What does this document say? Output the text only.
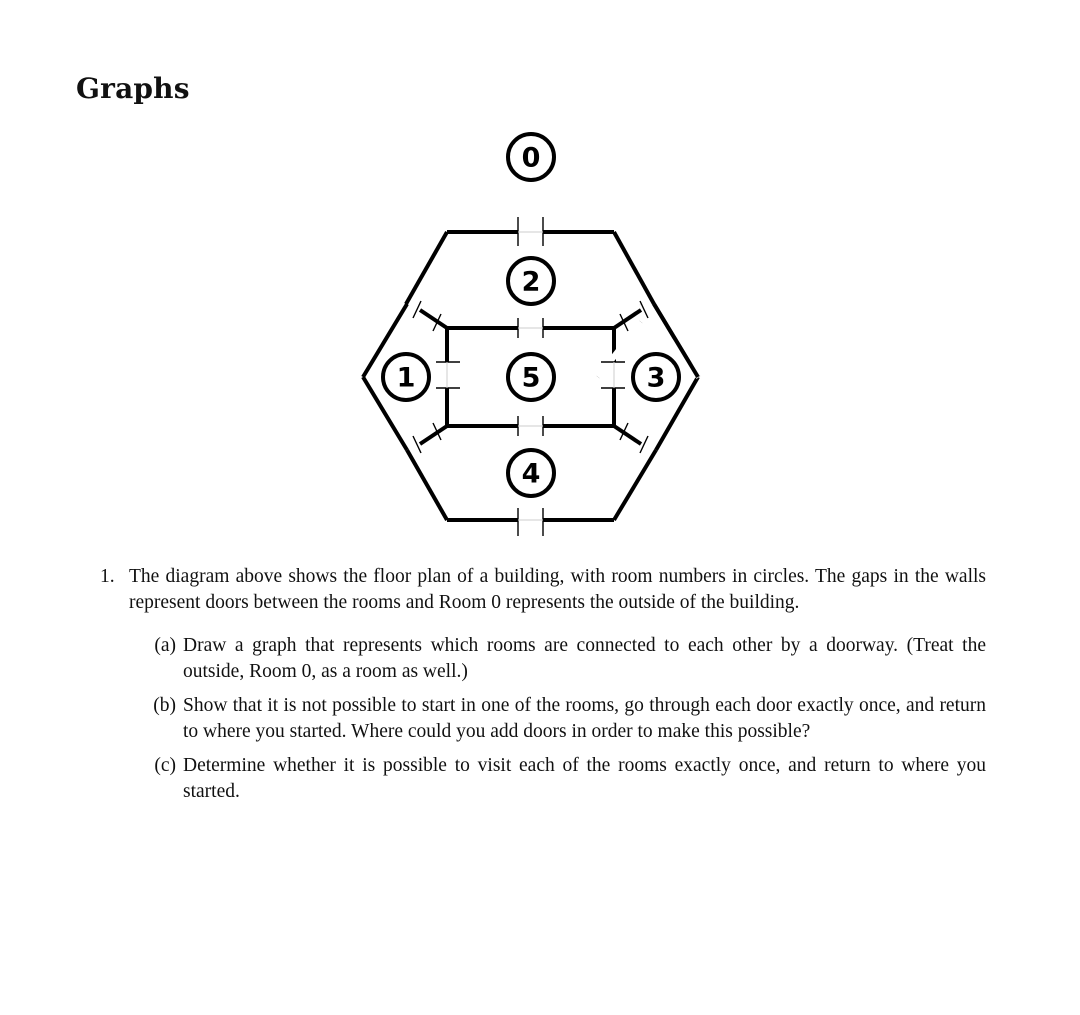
Graphs
0
1
2
3
4
5
1. The diagram above shows the floor plan of a building, with room numbers in circles. The gaps in the walls represent doors between the rooms and Room 0 represents the outside of the building.
(a) Draw a graph that represents which rooms are connected to each other by a doorway. (Treat the outside, Room 0, as a room as well.)
(b) Show that it is not possible to start in one of the rooms, go through each door exactly once, and return to where you started. Where could you add doors in order to make this possible?
(c) Determine whether it is possible to visit each of the rooms exactly once, and return to where you started.
